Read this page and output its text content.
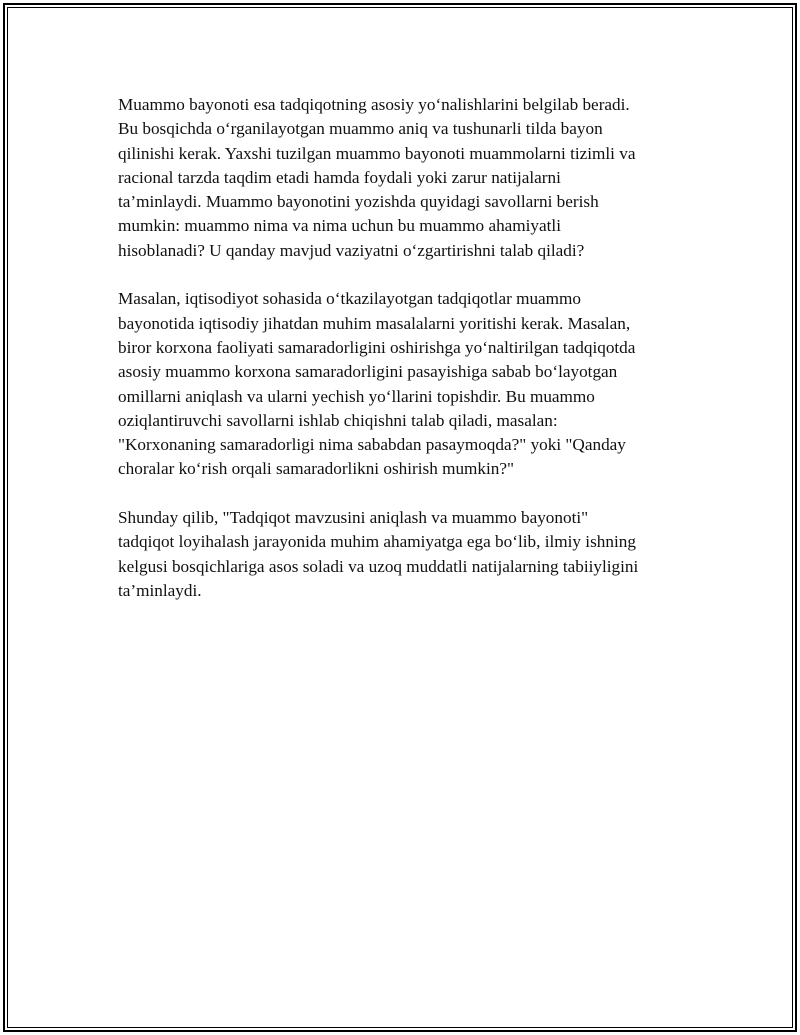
Muammo bayonoti esa tadqiqotning asosiy yo‘nalishlarini belgilab beradi.
Bu bosqichda o‘rganilayotgan muammo aniq va tushunarli tilda bayon
qilinishi kerak. Yaxshi tuzilgan muammo bayonoti muammolarni tizimli va
racional tarzda taqdim etadi hamda foydali yoki zarur natijalarni
ta’minlaydi. Muammo bayonotini yozishda quyidagi savollarni berish
mumkin: muammo nima va nima uchun bu muammo ahamiyatli
hisoblanadi? U qanday mavjud vaziyatni o‘zgartirishni talab qiladi?

Masalan, iqtisodiyot sohasida o‘tkazilayotgan tadqiqotlar muammo
bayonotida iqtisodiy jihatdan muhim masalalarni yoritishi kerak. Masalan,
biror korxona faoliyati samaradorligini oshirishga yo‘naltirilgan tadqiqotda
asosiy muammo korxona samaradorligini pasayishiga sabab bo‘layotgan
omillarni aniqlash va ularni yechish yo‘llarini topishdir. Bu muammo
oziqlantiruvchi savollarni ishlab chiqishni talab qiladi, masalan:
"Korxonaning samaradorligi nima sababdan pasaymoqda?" yoki "Qanday
choralar ko‘rish orqali samaradorlikni oshirish mumkin?"

Shunday qilib, "Tadqiqot mavzusini aniqlash va muammo bayonoti"
tadqiqot loyihalash jarayonida muhim ahamiyatga ega bo‘lib, ilmiy ishning
kelgusi bosqichlariga asos soladi va uzoq muddatli natijalarning tabiiyligini
ta’minlaydi.
